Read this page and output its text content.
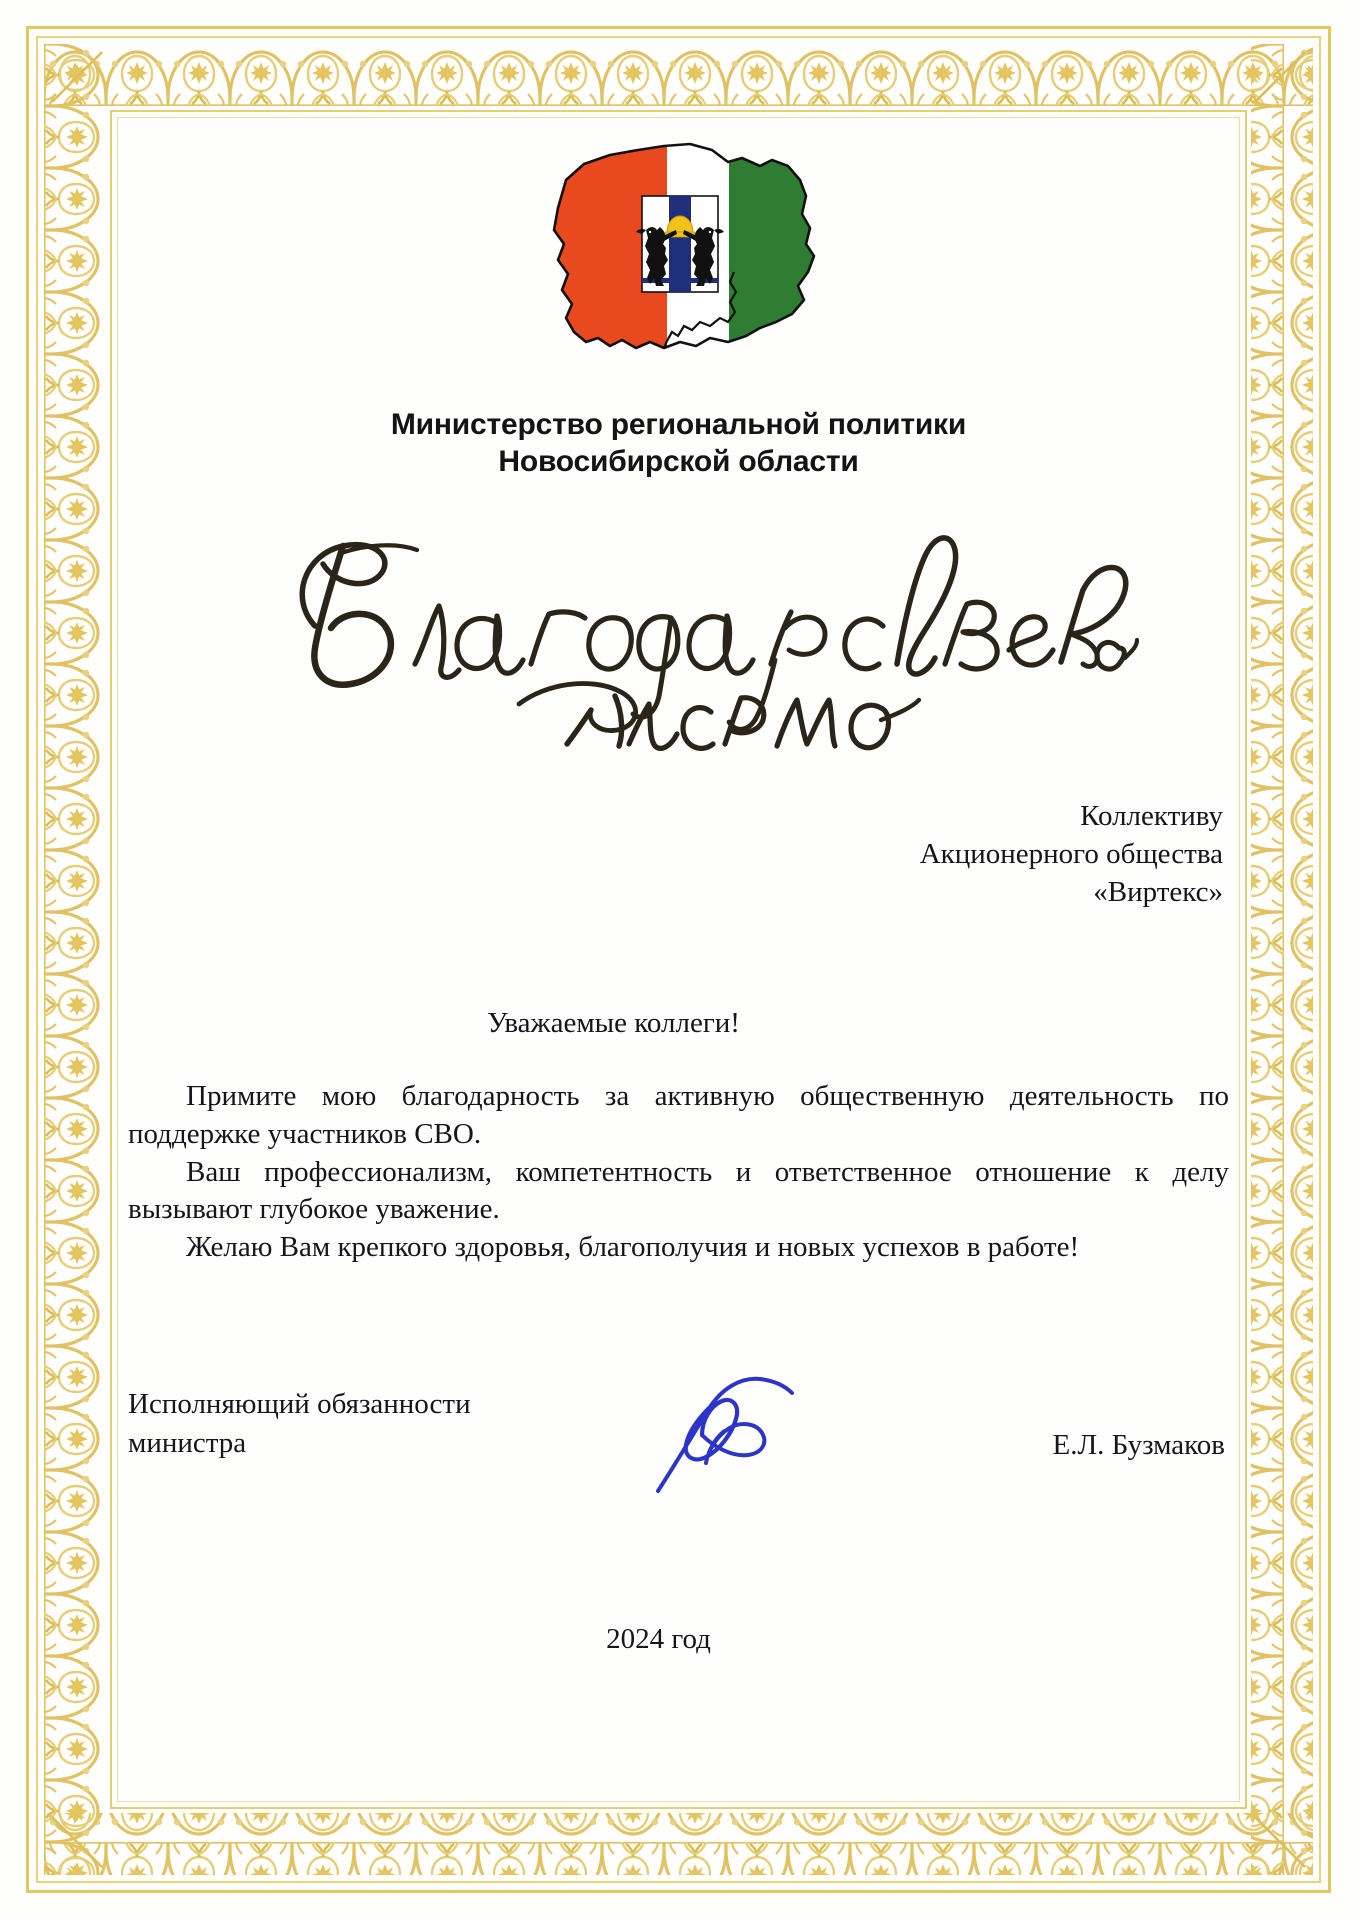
Министерство региональной политики
Новосибирской области
Коллективу
Акционерного общества
«Виртекс»
Уважаемые коллеги!

Примите мою благодарность за активную общественную деятельность по поддержке участников СВО.

Ваш профессионализм, компетентность и ответственное отношение к делу вызывают глубокое уважение.

Желаю Вам крепкого здоровья, благополучия и новых успехов в работе!

Исполняющий обязанности
министра	Е.Л. Бузмаков
2024 год
